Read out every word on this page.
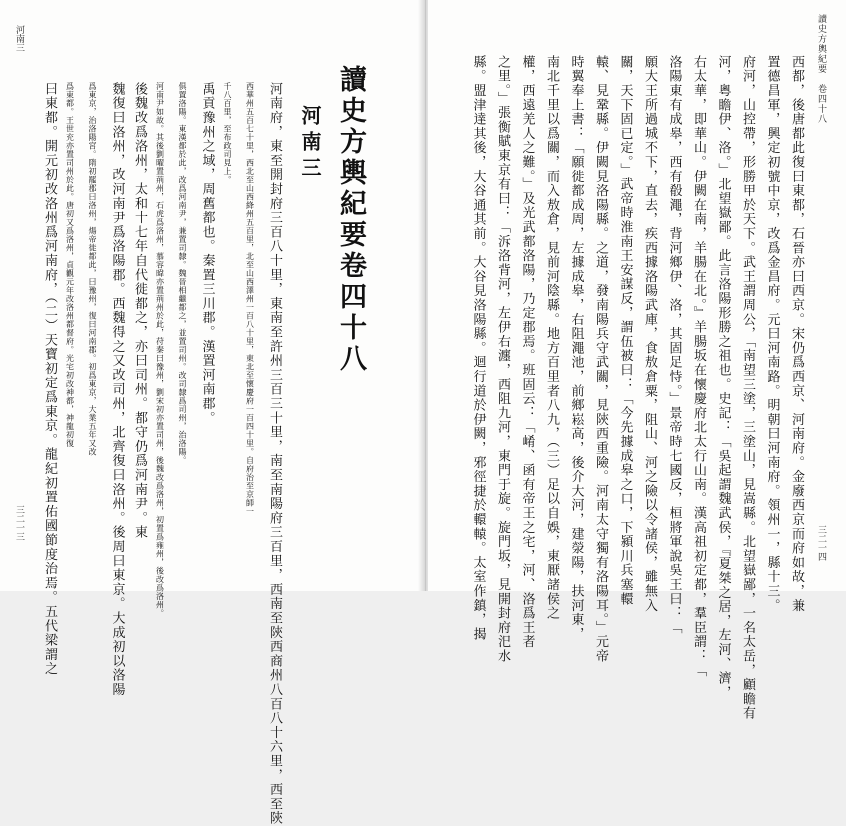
河南三
三二一三	河南府，東至開封府三百八十里，東南至許州三百三十里，南至南陽府三百里，西南至陝西商州八百八十六里，西至陝
西華州五百七十里，西北至山西絳州五百里，北至山西澤州一百八十里，東北至懷慶府一百四十里。自府治至京師一
千八百里，至布政司見上。
禹貢豫州之域，周舊都也。秦置三川郡。漢置河南郡。
俱置洛陽。東漢都於此，改爲河南尹，兼置司隸。魏晉相繼都之，並置司州。改司隸爲司州，治洛陽。
河南尹如故。其後劉曜置荊州，石虎爲洛州，慕容暐亦置荊州於此，苻秦曰豫州，劉宋初亦置司州，後魏改爲洛州，初置爲雍州，後改爲洛州。
後魏改爲洛州，太和十七年自代徙都之，亦曰司州。都守仍爲河南尹。東
魏復曰洛州，改河南尹爲洛陽郡。西魏得之又改司州，北齊復曰洛州。後周曰東京。大成初以洛陽
爲東京，治洛陽宮。隋初罷郡曰洛州，煬帝徙都此，曰豫州，復曰河南郡。初爲東京，大業五年又改
爲東都。王世充亦置司州於此。唐初又爲洛州，貞觀元年改洛州都督府。光宅初改神都，神龍初復
曰東都。開元初改洛州爲河南府，（二）天寶初定爲東京。龍紀初置佑國節度治焉。五代梁謂之	讀史方輿紀要卷四十八
河南三
讀史方輿紀要　卷四十八
三二一四
西都，後唐都此復曰東都，石晉亦曰西京。宋仍爲西京、河南府。金廢西京而府如故，兼
置德昌軍，興定初號中京，改爲金昌府。元曰河南路。明朝曰河南府。領州一，縣十三。
府河，山控帶，形勝甲於天下。武王謂周公，「南望三塗，三塗山，見嵩縣。北望嶽鄙，一名太岳，顧瞻有
河，粵瞻伊、洛。」北望嶽鄙。此言洛陽形勝之祖也。史記：「吳起謂魏武侯，『夏桀之居，左河、濟，
右太華，即華山。伊闕在南，羊腸在北。』羊腸坂在懷慶府北太行山南。漢高祖初定都，羣臣謂：「
洛陽東有成皋，西有殽澠，背河鄉伊、洛，其固足恃。」景帝時七國反，桓將軍說吳王曰：「
願大王所過城不下，直去，疾西據洛陽武庫，食敖倉粟，阻山、河之險以令諸侯，雖無入
關，天下固已定。」武帝時淮南王安謀反，謂伍被曰：「今先據成皋之口，下潁川兵塞轘
轅、見鞏縣。伊闕見洛陽縣。之道，發南陽兵守武關，見陝西重險。河南太守獨有洛陽耳。」元帝
時翼奉上書：「願徙都成周，左據成皋，右阻澠池，前鄉崧高，後介大河，建滎陽，扶河東，
南北千里以爲關，而入敖倉，見前河陰縣。地方百里者八九，（三）足以自娛，東厭諸侯之
權，西遠羌人之難。」及光武都洛陽，乃定郡焉。班固云：「崤、函有帝王之宅，河、洛爲王者
之里。」張衡賦東京有曰：「泝洛背河，左伊右瀍，西阻九河，東門于旋。旋門坂，見開封府汜水
縣。盟津達其後，大谷通其前。大谷見洛陽縣。迴行道於伊闕，邪徑捷於轘轅。太室作鎮，揭
